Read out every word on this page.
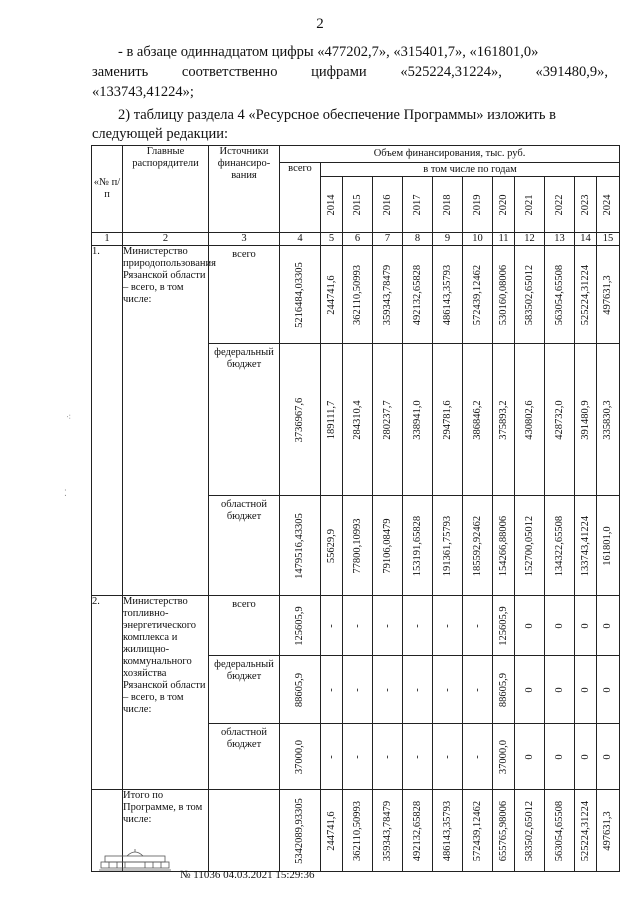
2
- в абзаце одиннадцатом цифры «477202,7», «315401,7», «161801,0»
заменить соответственно цифрами «525224,31224», «391480,9»,
«133743,41224»;
2) таблицу раздела 4 «Ресурсное обеспечение Программы» изложить в
следующей редакции:
«№ п/п	Главные распорядители	Источники финансиро-вания	Объем финансирования, тыс. руб.											
			всего	в том числе по годам										

				2014	2015	2016	2017	2018	2019	2020	2021	2022	2023	2024

1	2	3	4	5	6	7	8	9	10	11	12	13	14	15
1.	Министерство природопользования Рязанской области – всего, в том числе:	всего	5216484,03305	244741,6	362110,50993	359343,78479	492132,65828	486143,35793	572439,12462	530160,08006	583502,65012	563054,65508	525224,31224	497631,3

		федеральный бюджет	3736967,6	189111,7	284310,4	280237,7	338941,0	294781,6	386846,2	375893,2	430802,6	428732,0	391480,9	335830,3

		областной бюджет	1479516,43305	55629,9	77800,10993	79106,08479	153191,65828	191361,75793	185592,92462	154266,88006	152700,05012	134322,65508	133743,41224	161801,0

2.	Министерство топливно-энергетического комплекса и жилищно-коммунального хозяйства Рязанской области – всего, в том числе:	всего	125605,9	-	-	-	-	-	-	125605,9	0	0	0	0

		федеральный бюджет	88605,9	-	-	-	-	-	-	88605,9	0	0	0	0

		областной бюджет	37000,0	-	-	-	-	-	-	37000,0	0	0	0	0

	Итого по Программе, в том числе:		5342089,93305	244741,6	362110,50993	359343,78479	492132,65828	486143,35793	572439,12462	655765,98006	583502,65012	563054,65508	525224,31224	497631,3
№ 11036 04.03.2021 15:29:36
⁖
⁚
